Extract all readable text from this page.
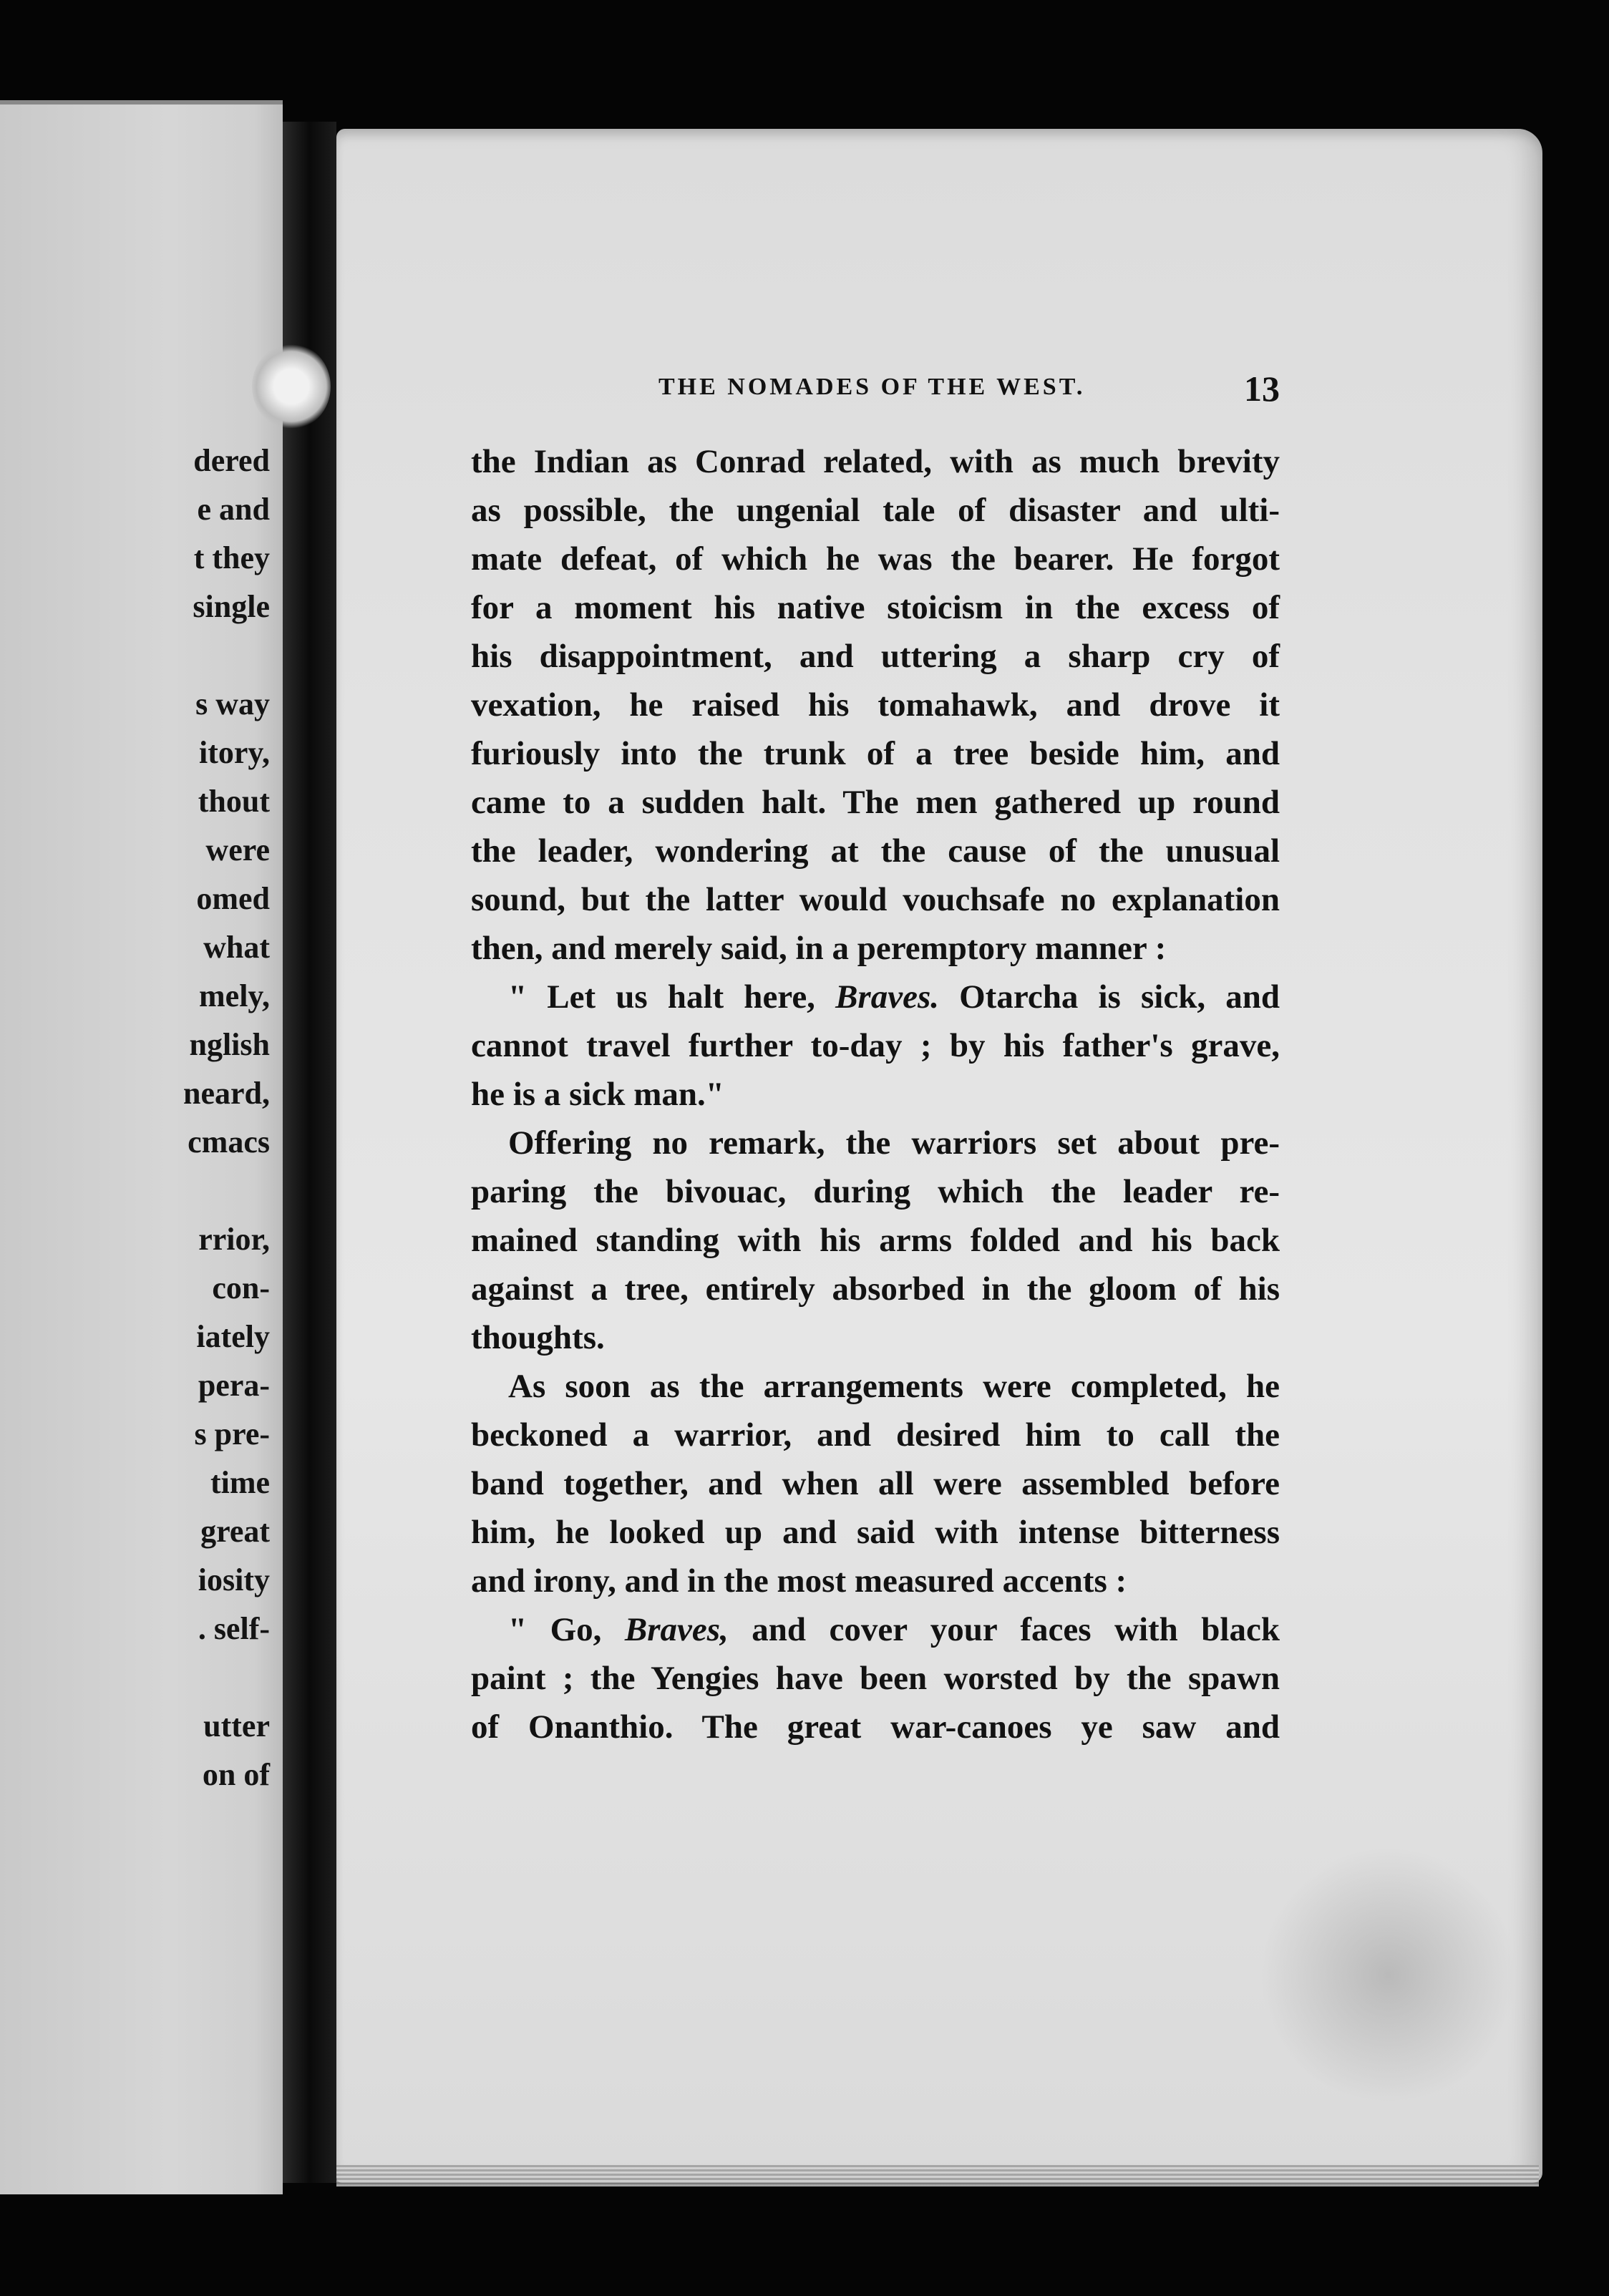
dered
e and
t they
single
s way
itory,
thout
were
omed
what
mely,
nglish
neard,
cmacs
rrior,
con-
iately
pera-
s pre-
time
great
iosity
. self-
utter
on of
THE NOMADES OF THE WEST.	13
the Indian as Conrad related, with as much brevity
as possible, the ungenial tale of disaster and ulti-
mate defeat, of which he was the bearer. He forgot
for a moment his native stoicism in the excess of
his disappointment, and uttering a sharp cry of
vexation, he raised his tomahawk, and drove it
furiously into the trunk of a tree beside him, and
came to a sudden halt. The men gathered up round
the leader, wondering at the cause of the unusual
sound, but the latter would vouchsafe no explanation
then, and merely said, in a peremptory manner :
" Let us halt here, Braves. Otarcha is sick, and
cannot travel further to-day ; by his father's grave,
he is a sick man."
Offering no remark, the warriors set about pre-
paring the bivouac, during which the leader re-
mained standing with his arms folded and his back
against a tree, entirely absorbed in the gloom of his
thoughts.
As soon as the arrangements were completed, he
beckoned a warrior, and desired him to call the
band together, and when all were assembled before
him, he looked up and said with intense bitterness
and irony, and in the most measured accents :
" Go, Braves, and cover your faces with black
paint ; the Yengies have been worsted by the spawn
of Onanthio. The great war-canoes ye saw and
